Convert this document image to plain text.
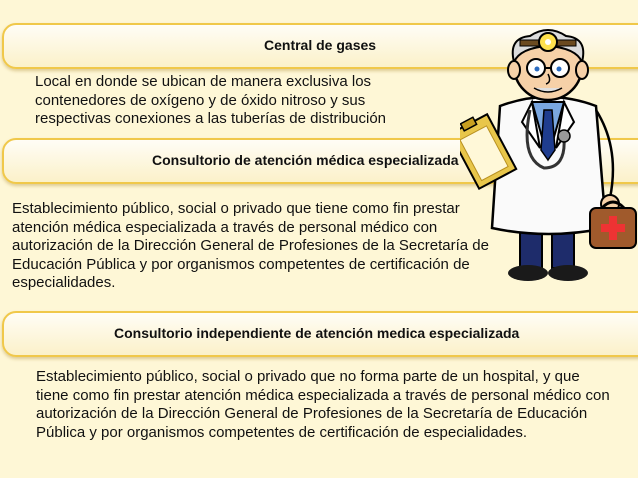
Central de gases
Local en donde se ubican de manera exclusiva los contenedores de oxígeno y de óxido nitroso y sus respectivas conexiones a las tuberías de distribución
Consultorio de atención médica especializada
Establecimiento público, social o privado que tiene como fin prestar atención médica especializada a través de personal médico con autorización de la Dirección General de Profesiones de la Secretaría de Educación Pública y por organismos competentes de certificación de especialidades.
Consultorio independiente de atención medica especializada
Establecimiento público, social o privado que no forma parte de un hospital, y que tiene como fin prestar atención médica especializada a través de personal médico con autorización de la Dirección General de Profesiones de la Secretaría de Educación Pública y por organismos competentes de certificación de especialidades.
